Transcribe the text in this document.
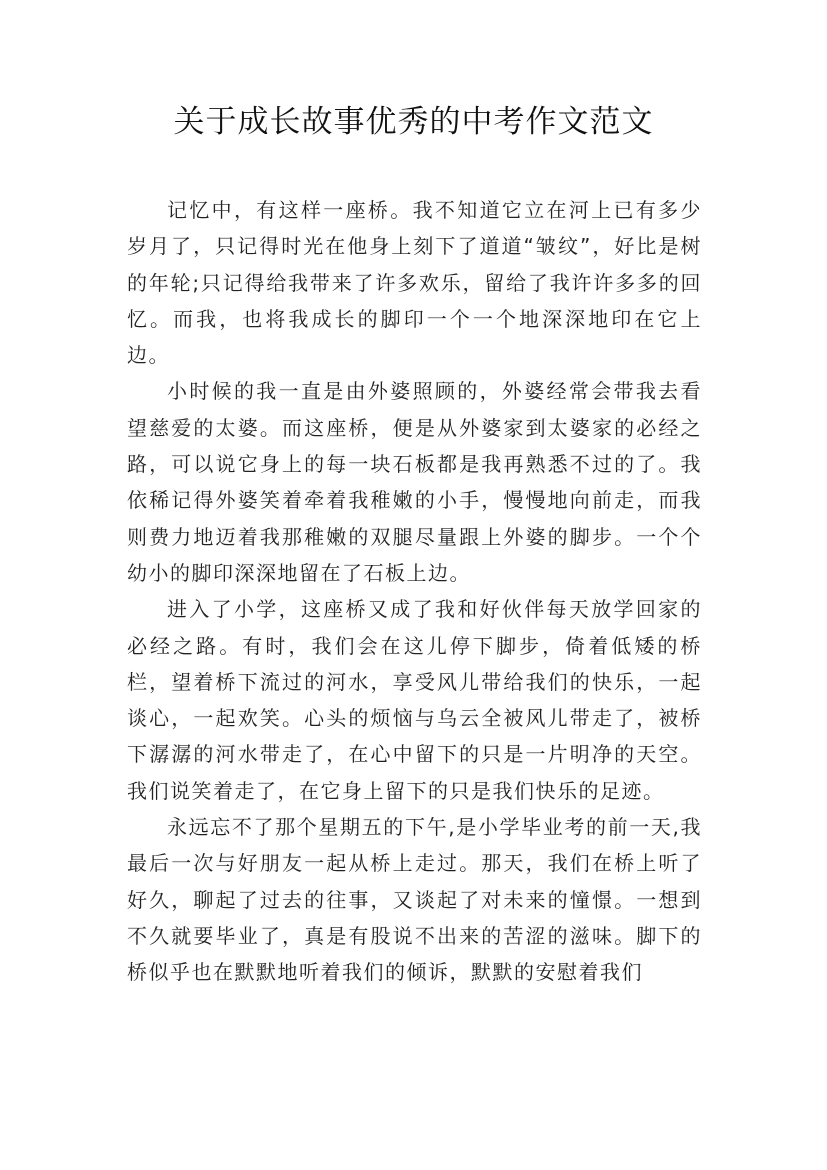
关于成长故事优秀的中考作文范文

记忆中，有这样一座桥。我不知道它立在河上已有多少岁月了，只记得时光在他身上刻下了道道“皱纹”，好比是树的年轮;只记得给我带来了许多欢乐，留给了我许许多多的回忆。而我，也将我成长的脚印一个一个地深深地印在它上边。

小时候的我一直是由外婆照顾的，外婆经常会带我去看望慈爱的太婆。而这座桥，便是从外婆家到太婆家的必经之路，可以说它身上的每一块石板都是我再熟悉不过的了。我依稀记得外婆笑着牵着我稚嫩的小手，慢慢地向前走，而我则费力地迈着我那稚嫩的双腿尽量跟上外婆的脚步。一个个幼小的脚印深深地留在了石板上边。

进入了小学，这座桥又成了我和好伙伴每天放学回家的必经之路。有时，我们会在这儿停下脚步，倚着低矮的桥栏，望着桥下流过的河水，享受风儿带给我们的快乐，一起谈心，一起欢笑。心头的烦恼与乌云全被风儿带走了，被桥下潺潺的河水带走了，在心中留下的只是一片明净的天空。我们说笑着走了，在它身上留下的只是我们快乐的足迹。

永远忘不了那个星期五的下午,是小学毕业考的前一天,我最后一次与好朋友一起从桥上走过。那天，我们在桥上听了好久，聊起了过去的往事，又谈起了对未来的憧憬。一想到不久就要毕业了，真是有股说不出来的苦涩的滋味。脚下的桥似乎也在默默地听着我们的倾诉，默默的安慰着我们
